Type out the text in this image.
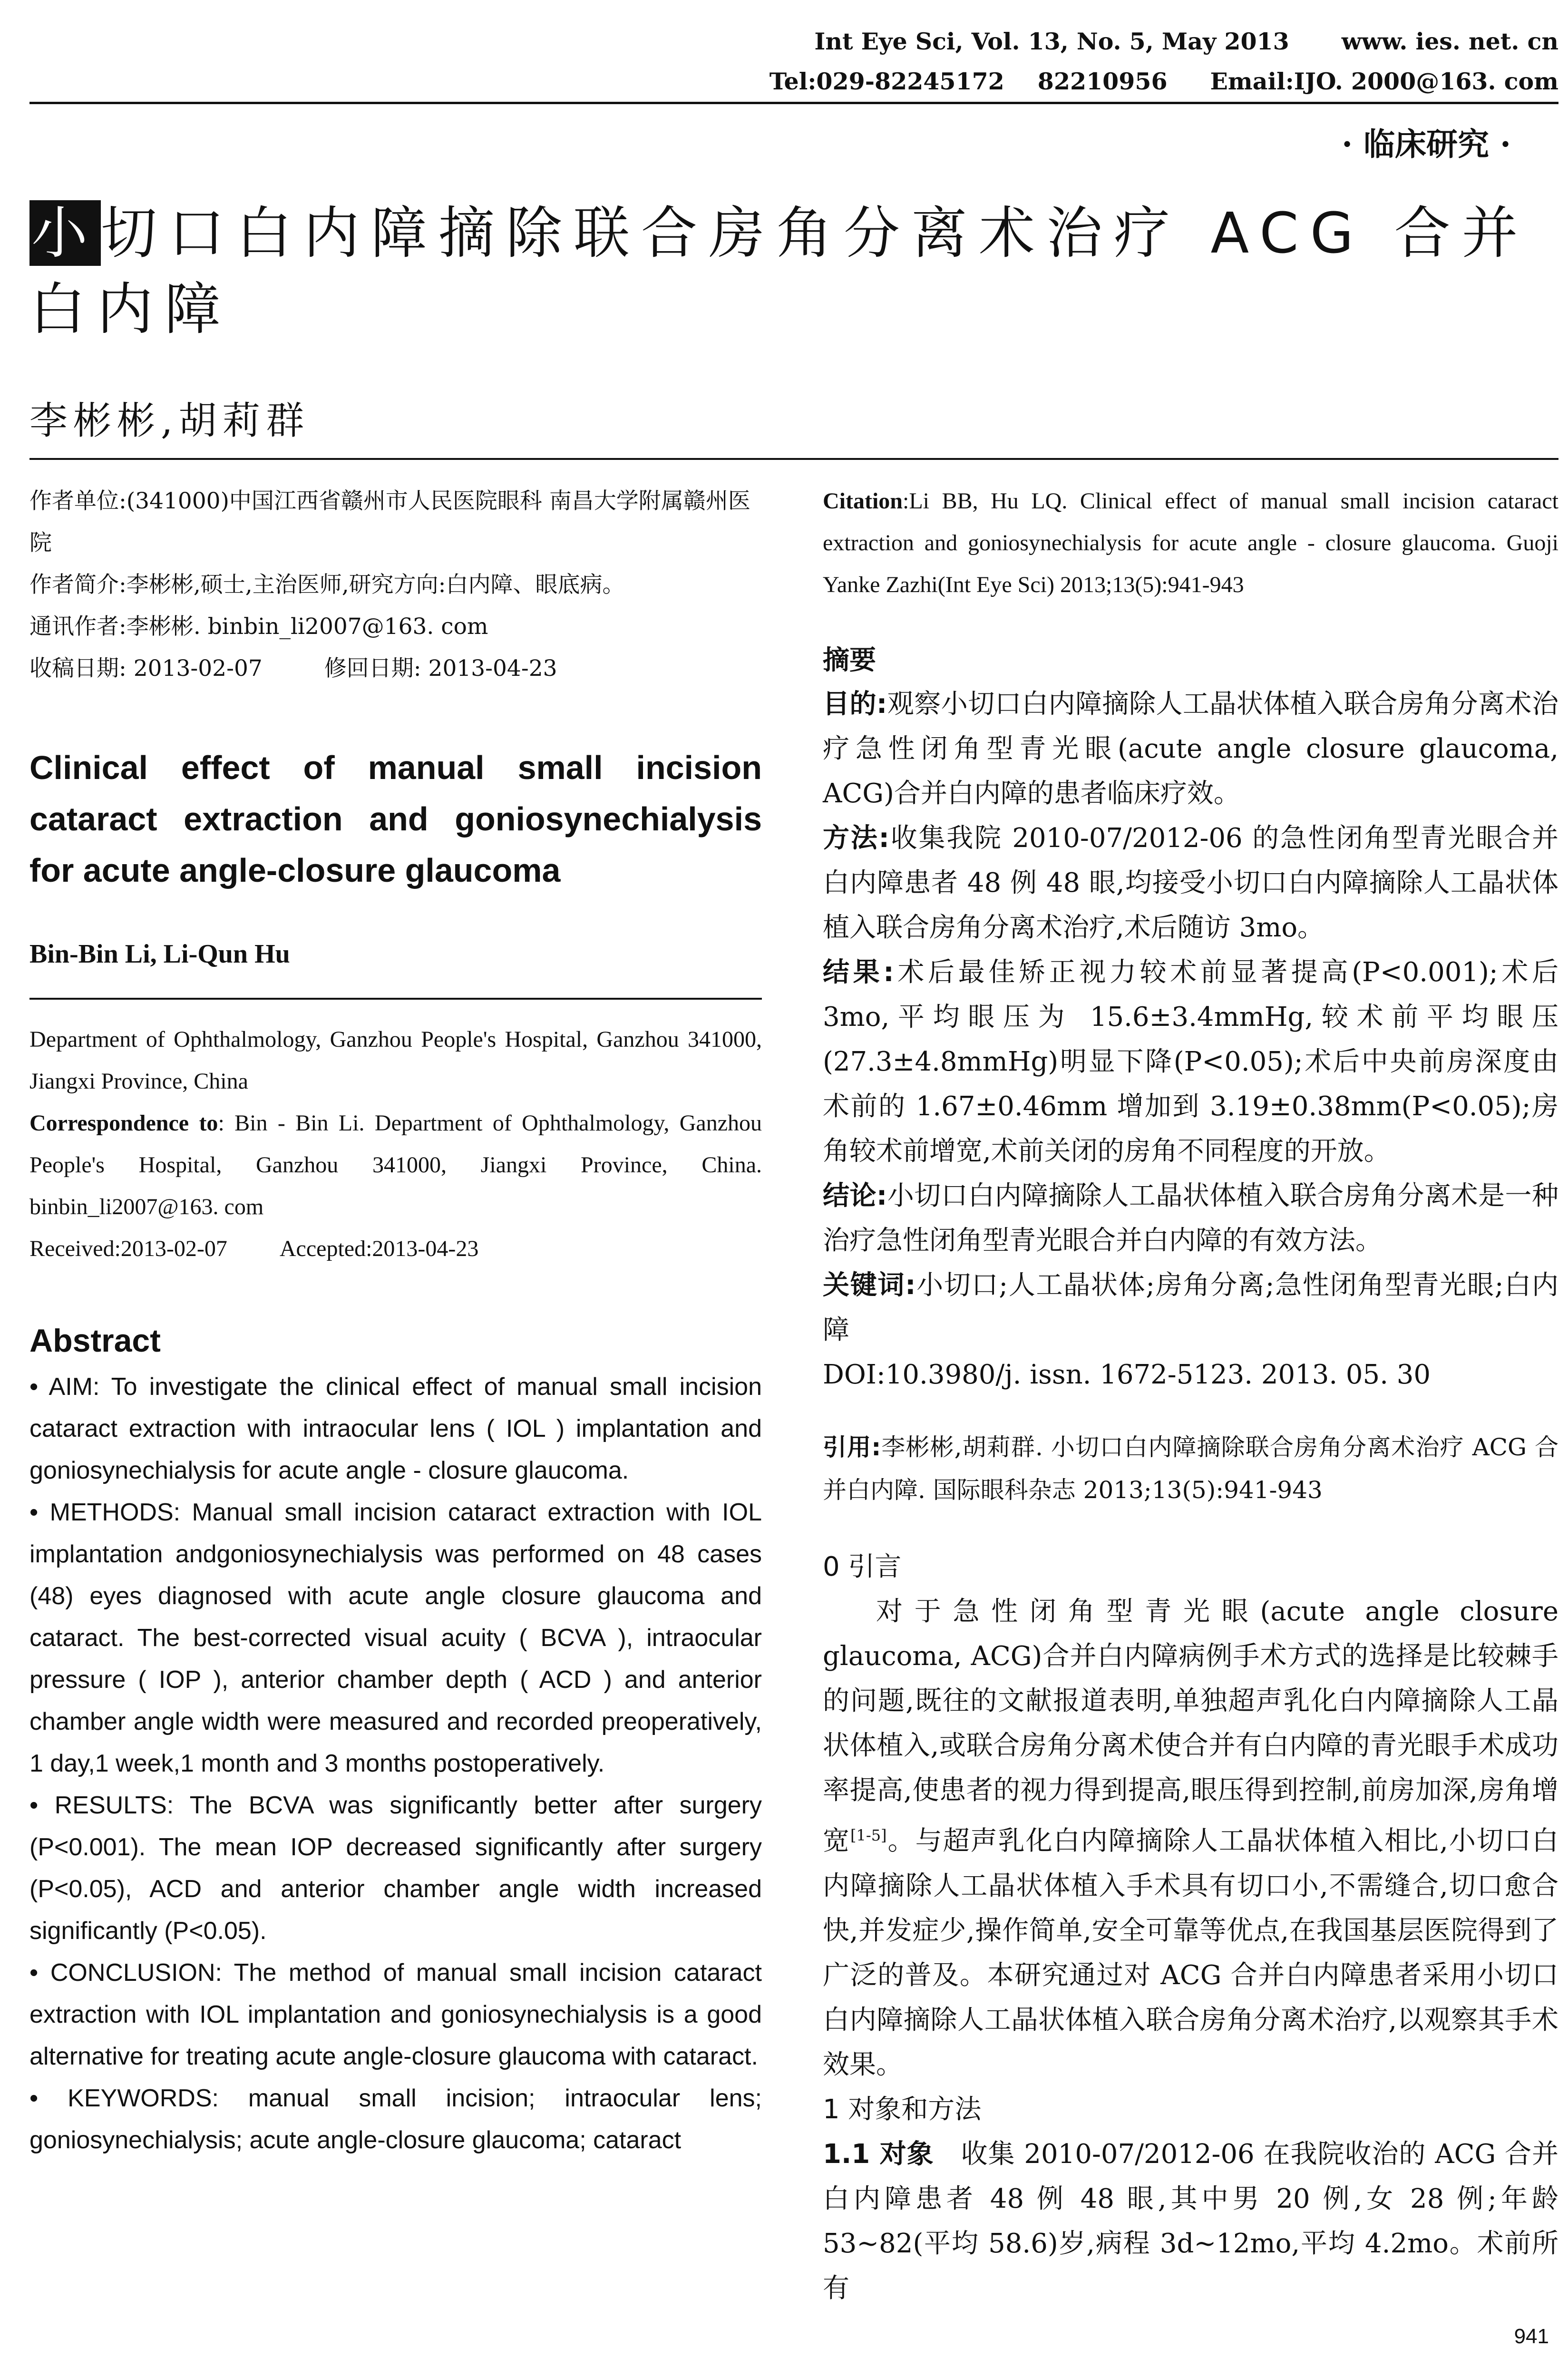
Int Eye Sci, Vol. 13, No. 5, May 2013 www. ies. net. cn
Tel:029-82245172 82210956 Email:IJO. 2000@163. com
· 临床研究 ·
小切口白内障摘除联合房角分离术治疗 ACG 合并白内障
李彬彬,胡莉群

作者单位:(341000)中国江西省赣州市人民医院眼科 南昌大学附属赣州医院

作者简介:李彬彬,硕士,主治医师,研究方向:白内障、眼底病。

通讯作者:李彬彬. binbin_li2007@163. com

收稿日期: 2013-02-07	修回日期: 2013-04-23

Clinical effect of manual small incision cataract extraction and goniosynechialysis for acute angle-closure glaucoma
Bin-Bin Li, Li-Qun Hu

Department of Ophthalmology, Ganzhou People's Hospital, Ganzhou 341000, Jiangxi Province, China

Correspondence to: Bin - Bin Li. Department of Ophthalmology, Ganzhou People's Hospital, Ganzhou 341000, Jiangxi Province, China. binbin_li2007@163. com

Received:2013-02-07 Accepted:2013-04-23
Abstract

• AIM: To investigate the clinical effect of manual small incision cataract extraction with intraocular lens ( IOL ) implantation and goniosynechialysis for acute angle - closure glaucoma.

• METHODS: Manual small incision cataract extraction with IOL implantation andgoniosynechialysis was performed on 48 cases (48) eyes diagnosed with acute angle closure glaucoma and cataract. The best-corrected visual acuity ( BCVA ), intraocular pressure ( IOP ), anterior chamber depth ( ACD ) and anterior chamber angle width were measured and recorded preoperatively, 1 day,1 week,1 month and 3 months postoperatively.

• RESULTS: The BCVA was significantly better after surgery (P<0.001). The mean IOP decreased significantly after surgery (P<0.05), ACD and anterior chamber angle width increased significantly (P<0.05).

• CONCLUSION: The method of manual small incision cataract extraction with IOL implantation and goniosynechialysis is a good alternative for treating acute angle-closure glaucoma with cataract.

• KEYWORDS: manual small incision; intraocular lens; goniosynechialysis; acute angle-closure glaucoma; cataract

Citation:Li BB, Hu LQ. Clinical effect of manual small incision cataract extraction and goniosynechialysis for acute angle - closure glaucoma. Guoji Yanke Zazhi(Int Eye Sci) 2013;13(5):941-943
摘要

目的:观察小切口白内障摘除人工晶状体植入联合房角分离术治疗急性闭角型青光眼(acute angle closure glaucoma, ACG)合并白内障的患者临床疗效。

方法:收集我院 2010-07/2012-06 的急性闭角型青光眼合并白内障患者 48 例 48 眼,均接受小切口白内障摘除人工晶状体植入联合房角分离术治疗,术后随访 3mo。

结果:术后最佳矫正视力较术前显著提高(P<0.001);术后 3mo,平均眼压为 15.6±3.4mmHg,较术前平均眼压(27.3±4.8mmHg)明显下降(P<0.05);术后中央前房深度由术前的 1.67±0.46mm 增加到 3.19±0.38mm(P<0.05);房角较术前增宽,术前关闭的房角不同程度的开放。

结论:小切口白内障摘除人工晶状体植入联合房角分离术是一种治疗急性闭角型青光眼合并白内障的有效方法。

关键词:小切口;人工晶状体;房角分离;急性闭角型青光眼;白内障

DOI:10.3980/j. issn. 1672-5123. 2013. 05. 30

引用:李彬彬,胡莉群. 小切口白内障摘除联合房角分离术治疗 ACG 合并白内障. 国际眼科杂志 2013;13(5):941-943

0 引言

对于急性闭角型青光眼(acute angle closure glaucoma, ACG)合并白内障病例手术方式的选择是比较棘手的问题,既往的文献报道表明,单独超声乳化白内障摘除人工晶状体植入,或联合房角分离术使合并有白内障的青光眼手术成功率提高,使患者的视力得到提高,眼压得到控制,前房加深,房角增宽[1-5]。与超声乳化白内障摘除人工晶状体植入相比,小切口白内障摘除人工晶状体植入手术具有切口小,不需缝合,切口愈合快,并发症少,操作简单,安全可靠等优点,在我国基层医院得到了广泛的普及。本研究通过对 ACG 合并白内障患者采用小切口白内障摘除人工晶状体植入联合房角分离术治疗,以观察其手术效果。

1 对象和方法

1.1 对象 收集 2010-07/2012-06 在我院收治的 ACG 合并白内障患者 48 例 48 眼,其中男 20 例,女 28 例;年龄 53~82(平均 58.6)岁,病程 3d~12mo,平均 4.2mo。术前所有

941
